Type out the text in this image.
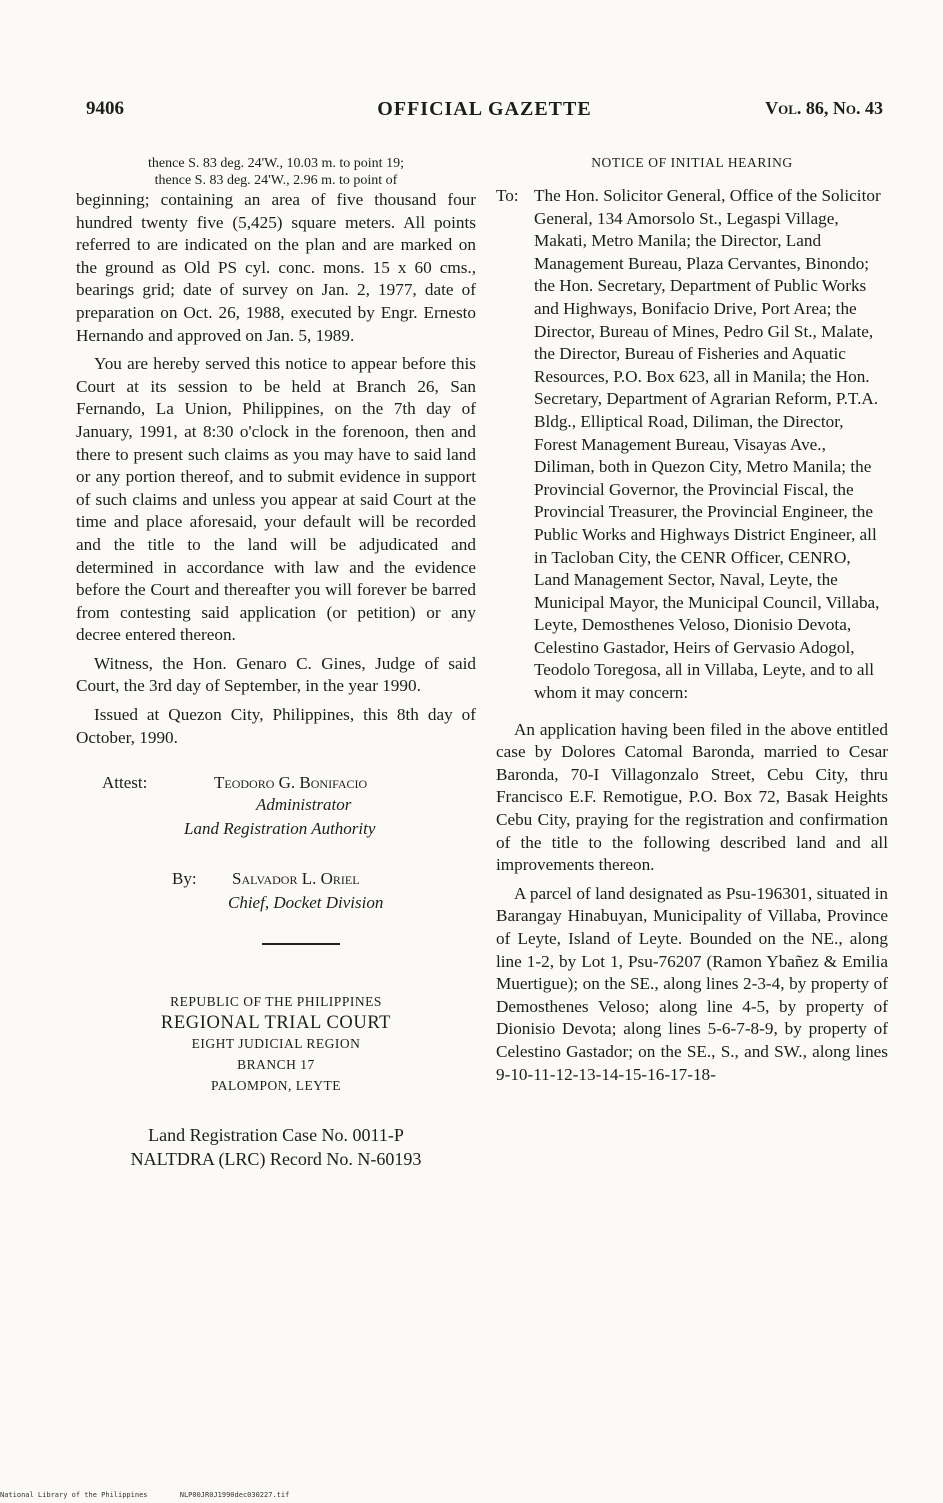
9406	OFFICIAL GAZETTE	Vol. 86, No. 43
thence S. 83 deg. 24'W., 10.03 m. to point 19;
thence S. 83 deg. 24'W., 2.96 m. to point of

beginning; containing an area of five thousand four hundred twenty five (5,425) square meters. All points referred to are indicated on the plan and are marked on the ground as Old PS cyl. conc. mons. 15 x 60 cms., bearings grid; date of survey on Jan. 2, 1977, date of preparation on Oct. 26, 1988, executed by Engr. Ernesto Hernando and approved on Jan. 5, 1989.

You are hereby served this notice to appear before this Court at its session to be held at Branch 26, San Fernando, La Union, Philippines, on the 7th day of January, 1991, at 8:30 o'clock in the forenoon, then and there to present such claims as you may have to said land or any portion thereof, and to submit evidence in support of such claims and unless you appear at said Court at the time and place aforesaid, your default will be recorded and the title to the land will be adjudicated and determined in accordance with law and the evidence before the Court and thereafter you will forever be barred from contesting said application (or petition) or any decree entered thereon.

Witness, the Hon. Genaro C. Gines, Judge of said Court, the 3rd day of September, in the year 1990.

Issued at Quezon City, Philippines, this 8th day of October, 1990.

Attest:	Teodoro G. Bonifacio
Administrator
Land Registration Authority
By: Salvador L. Oriel
Chief, Docket Division
REPUBLIC OF THE PHILIPPINES
REGIONAL TRIAL COURT
EIGHT JUDICIAL REGION
BRANCH 17
PALOMPON, LEYTE
Land Registration Case No. 0011-P
NALTDRA (LRC) Record No. N-60193
NOTICE OF INITIAL HEARING
To: The Hon. Solicitor General, Office of the Solicitor General, 134 Amorsolo St., Legaspi Village, Makati, Metro Manila; the Director, Land Management Bureau, Plaza Cervantes, Binondo; the Hon. Secretary, Department of Public Works and Highways, Bonifacio Drive, Port Area; the Director, Bureau of Mines, Pedro Gil St., Malate, the Director, Bureau of Fisheries and Aquatic Resources, P.O. Box 623, all in Manila; the Hon. Secretary, Department of Agrarian Reform, P.T.A. Bldg., Elliptical Road, Diliman, the Director, Forest Management Bureau, Visayas Ave., Diliman, both in Quezon City, Metro Manila; the Provincial Governor, the Provincial Fiscal, the Provincial Treasurer, the Provincial Engineer, the Public Works and Highways District Engineer, all in Tacloban City, the CENR Officer, CENRO, Land Management Sector, Naval, Leyte, the Municipal Mayor, the Municipal Council, Villaba, Leyte, Demosthenes Veloso, Dionisio Devota, Celestino Gastador, Heirs of Gervasio Adogol, Teodolo Toregosa, all in Villaba, Leyte, and to all whom it may concern:

An application having been filed in the above entitled case by Dolores Catomal Baronda, married to Cesar Baronda, 70-I Villagonzalo Street, Cebu City, thru Francisco E.F. Remotigue, P.O. Box 72, Basak Heights Cebu City, praying for the registration and confirmation of the title to the following described land and all improvements thereon.

A parcel of land designated as Psu-196301, situated in Barangay Hinabuyan, Municipality of Villaba, Province of Leyte, Island of Leyte. Bounded on the NE., along line 1-2, by Lot 1, Psu-76207 (Ramon Ybañez & Emilia Muertigue); on the SE., along lines 2-3-4, by property of Demosthenes Veloso; along line 4-5, by property of Dionisio Devota; along lines 5-6-7-8-9, by property of Celestino Gastador; on the SE., S., and SW., along lines 9-10-11-12-13-14-15-16-17-18-

National Library of the Philippines	NLP00JR0J1990dec030227.tif
